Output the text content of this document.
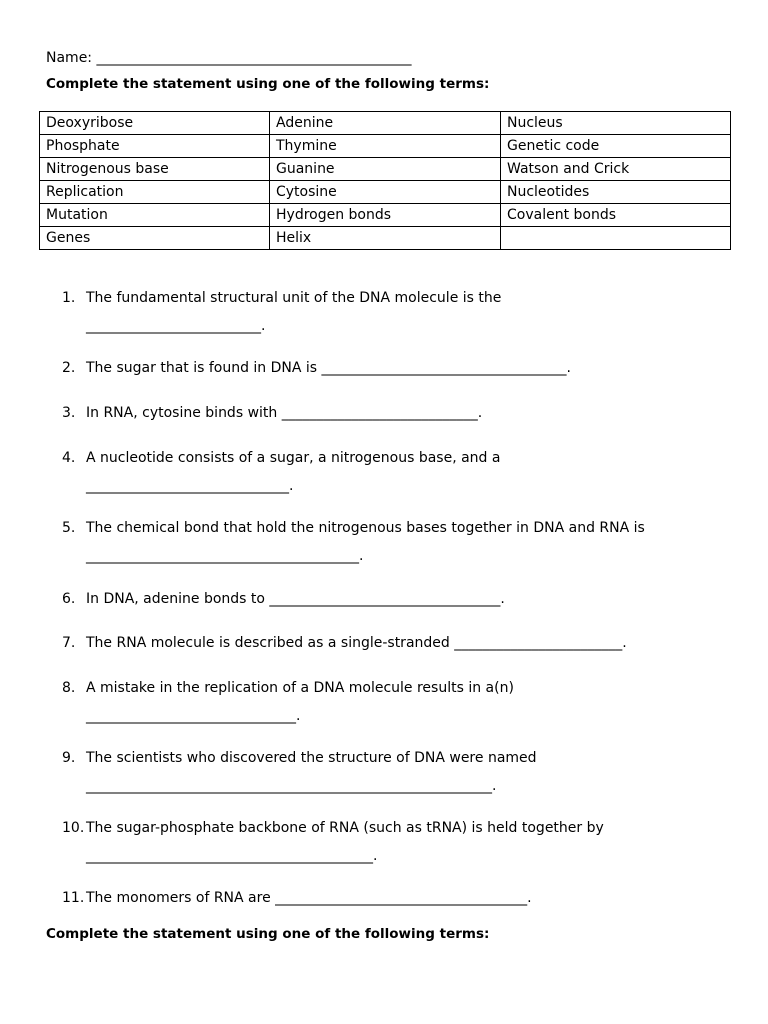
Name: _____________________________________________
Complete the statement using one of the following terms:
Deoxyribose	Adenine	Nucleus
Phosphate	Thymine	Genetic code
Nitrogenous base	Guanine	Watson and Crick
Replication	Cytosine	Nucleotides
Mutation	Hydrogen bonds	Covalent bonds
Genes	Helix	
1. The fundamental structural unit of the DNA molecule is the
_________________________.
2. The sugar that is found in DNA is ___________________________________.
3. In RNA, cytosine binds with ____________________________.
4. A nucleotide consists of a sugar, a nitrogenous base, and a
_____________________________.
5. The chemical bond that hold the nitrogenous bases together in DNA and RNA is
_______________________________________.
6. In DNA, adenine bonds to _________________________________.
7. The RNA molecule is described as a single-stranded ________________________.
8. A mistake in the replication of a DNA molecule results in a(n)
______________________________.
9. The scientists who discovered the structure of DNA were named
__________________________________________________________.
10. The sugar-phosphate backbone of RNA (such as tRNA) is held together by
_________________________________________.
11. The monomers of RNA are ____________________________________.
Complete the statement using one of the following terms:
